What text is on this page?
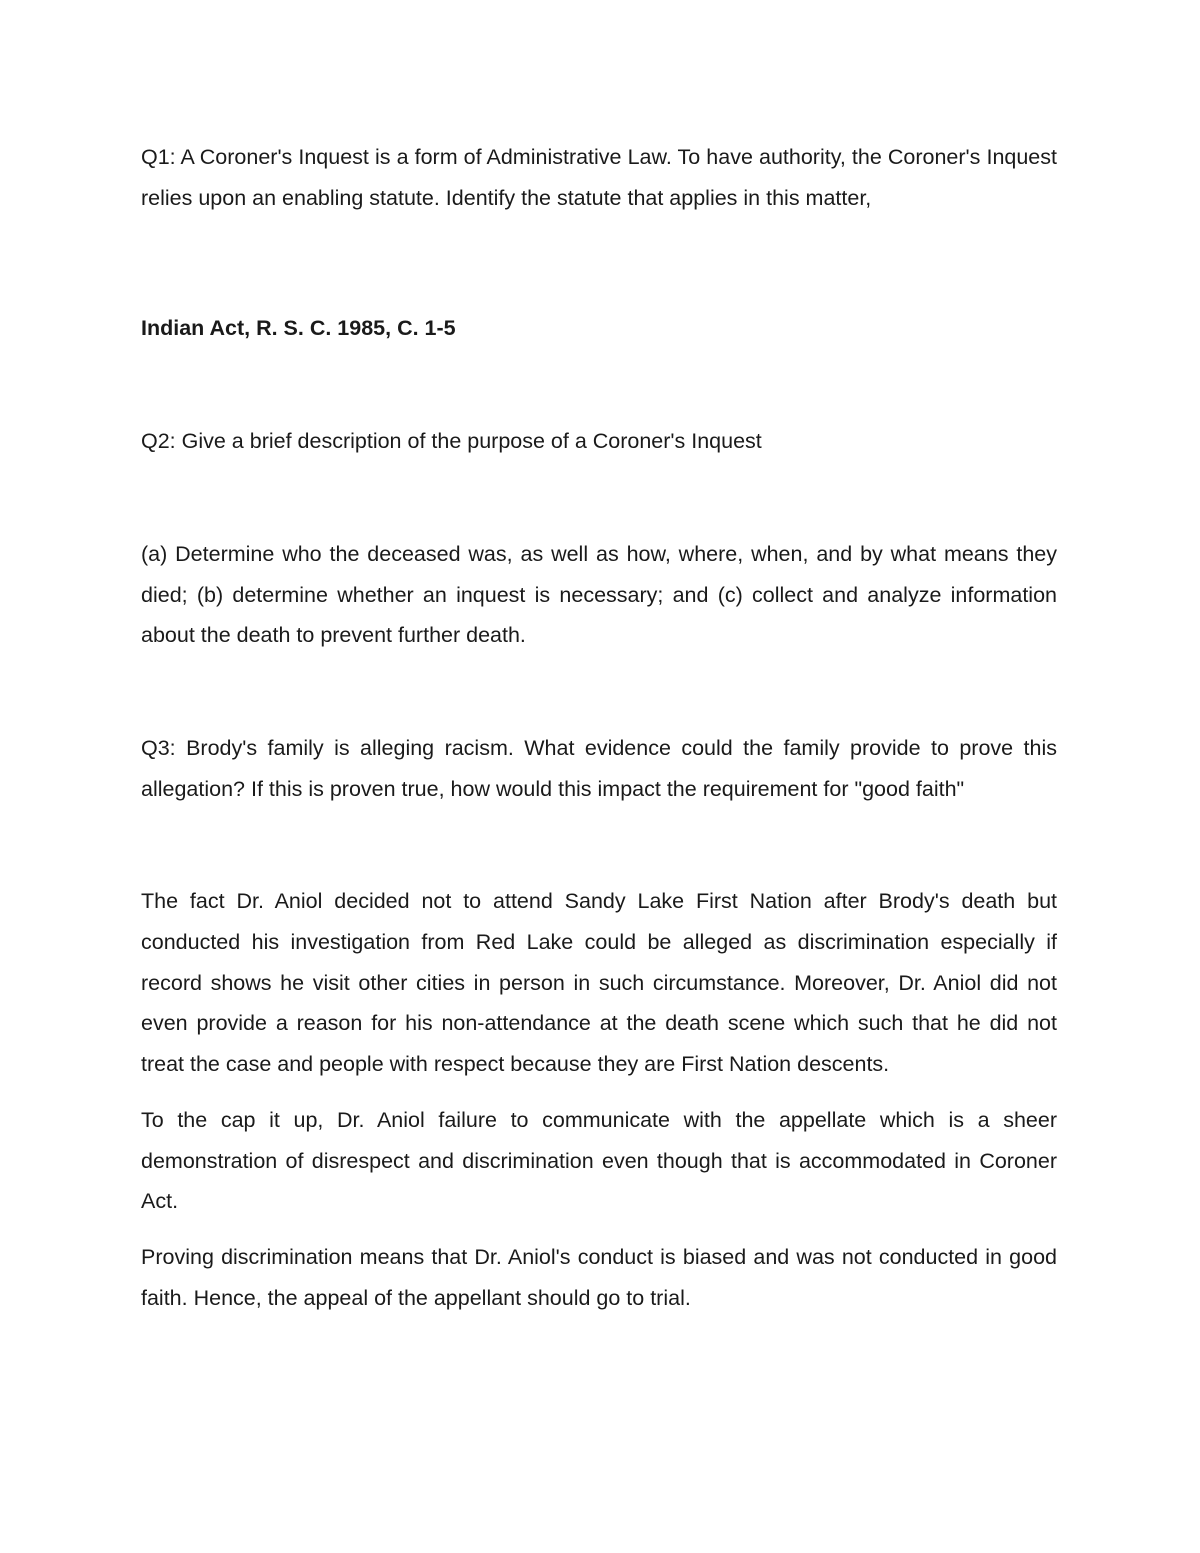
Q1: A Coroner's Inquest is a form of Administrative Law. To have authority, the Coroner's Inquest relies upon an enabling statute. Identify the statute that applies in this matter,

Indian Act, R. S. C. 1985, C. 1-5

Q2: Give a brief description of the purpose of a Coroner's Inquest

(a) Determine who the deceased was, as well as how, where, when, and by what means they died; (b) determine whether an inquest is necessary; and (c) collect and analyze information about the death to prevent further death.

Q3: Brody's family is alleging racism. What evidence could the family provide to prove this allegation? If this is proven true, how would this impact the requirement for "good faith"

The fact Dr. Aniol decided not to attend Sandy Lake First Nation after Brody's death but conducted his investigation from Red Lake could be alleged as discrimination especially if record shows he visit other cities in person in such circumstance. Moreover, Dr. Aniol did not even provide a reason for his non-attendance at the death scene which such that he did not treat the case and people with respect because they are First Nation descents.

To the cap it up, Dr. Aniol failure to communicate with the appellate which is a sheer demonstration of disrespect and discrimination even though that is accommodated in Coroner Act.

Proving discrimination means that Dr. Aniol's conduct is biased and was not conducted in good faith. Hence, the appeal of the appellant should go to trial.
